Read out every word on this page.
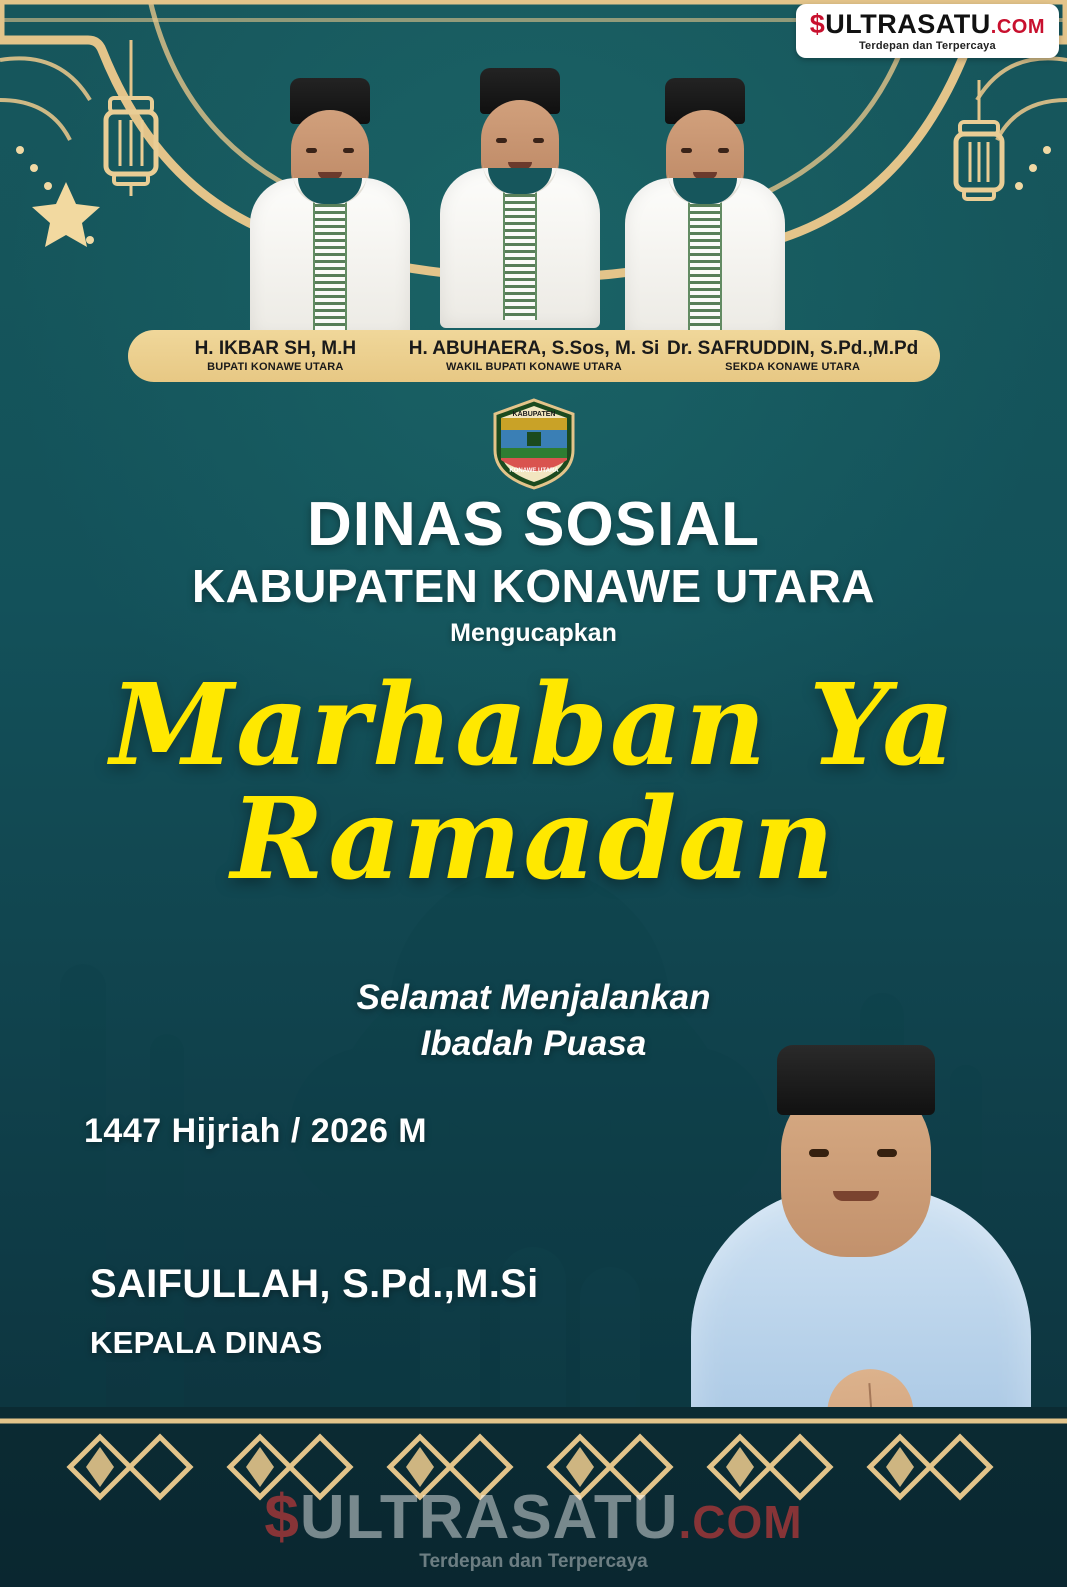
$ULTRASATU.COM
Terdepan dan Terpercaya
H. IKBAR SH, M.H
BUPATI KONAWE UTARA
H. ABUHAERA, S.Sos, M. Si
WAKIL BUPATI KONAWE UTARA
Dr. SAFRUDDIN, S.Pd.,M.Pd
SEKDA KONAWE UTARA
KABUPATEN
KONAWE UTARA
DINAS SOSIAL
KABUPATEN KONAWE UTARA
Mengucapkan
Marhaban Ya
Ramadan
Selamat Menjalankan
Ibadah Puasa
1447 Hijriah / 2026 M
SAIFULLAH, S.Pd.,M.Si
KEPALA DINAS
$ULTRASATU.COM
Terdepan dan Terpercaya
